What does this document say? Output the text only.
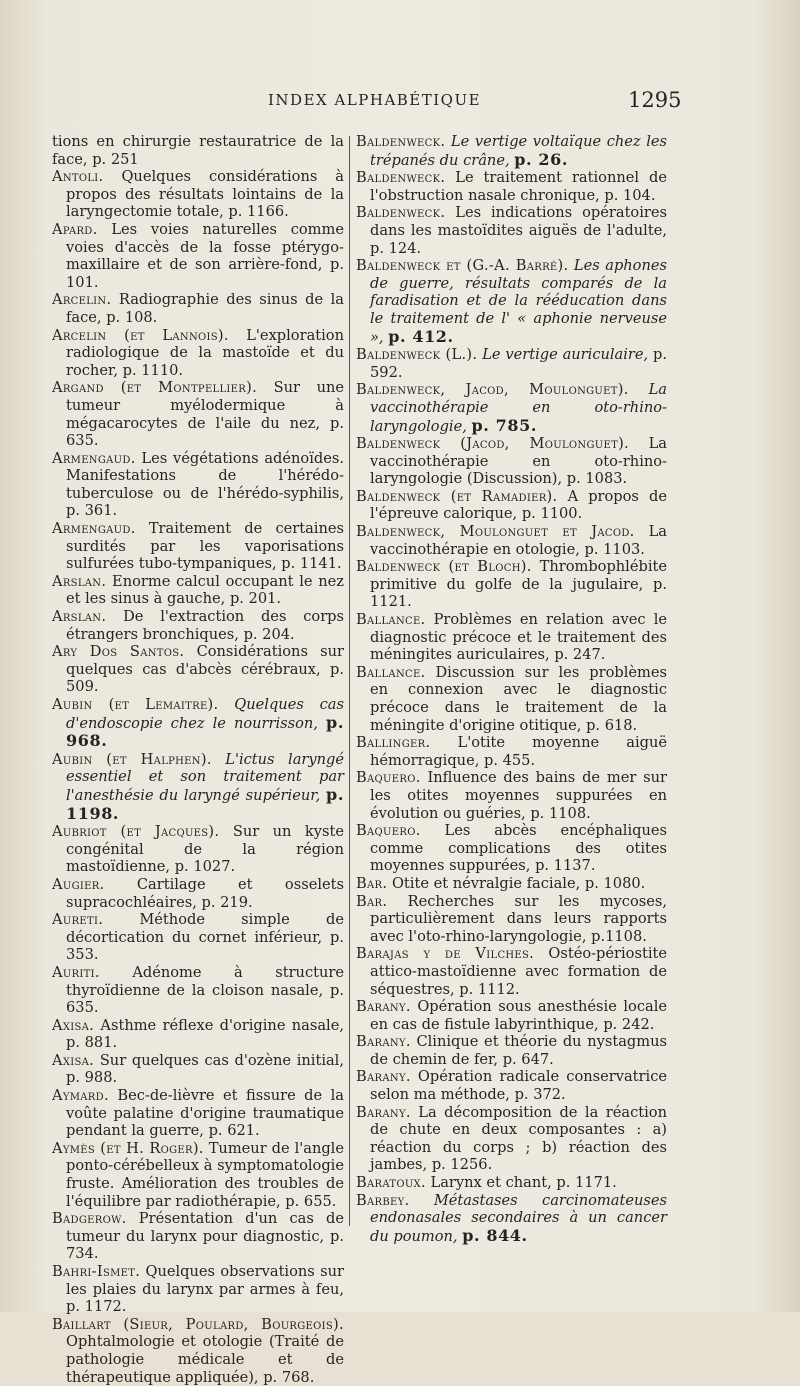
INDEX ALPHABÉTIQUE	1295
tions en chirurgie restauratrice de la face, p. 251
Antoli. Quelques considérations à propos des résultats lointains de la laryngectomie totale, p. 1166.
Apard. Les voies naturelles comme voies d'accès de la fosse ptérygo-maxillaire et de son arrière-fond, p. 101.
Arcelin. Radiographie des sinus de la face, p. 108.
Arcelin (et Lannois). L'exploration radiologique de la mastoïde et du rocher, p. 1110.
Argand (et Montpellier). Sur une tumeur myélodermique à mégacarocytes de l'aile du nez, p. 635.
Armengaud. Les végétations adénoïdes. Manifestations de l'hérédo-tuberculose ou de l'hérédo-syphilis, p. 361.
Armengaud. Traitement de certaines surdités par les vaporisations sulfurées tubo-tympaniques, p. 1141.
Arslan. Enorme calcul occupant le nez et les sinus à gauche, p. 201.
Arslan. De l'extraction des corps étrangers bronchiques, p. 204.
Ary Dos Santos. Considérations sur quelques cas d'abcès cérébraux, p. 509.
Aubin (et Lemaitre). Quelques cas d'endoscopie chez le nourrisson, p. 968.
Aubin (et Halphen). L'ictus laryngé essentiel et son traitement par l'anesthésie du laryngé supérieur, p. 1198.
Aubriot (et Jacques). Sur un kyste congénital de la région mastoïdienne, p. 1027.
Augier. Cartilage et osselets supracochléaires, p. 219.
Aureti. Méthode simple de décortication du cornet inférieur, p. 353.
Auriti. Adénome à structure thyroïdienne de la cloison nasale, p. 635.
Axisa. Asthme réflexe d'origine nasale, p. 881.
Axisa. Sur quelques cas d'ozène initial, p. 988.
Aymard. Bec-de-lièvre et fissure de la voûte palatine d'origine traumatique pendant la guerre, p. 621.
Aymès (et H. Roger). Tumeur de l'angle ponto-cérébelleux à symptomatologie fruste. Amélioration des troubles de l'équilibre par radiothérapie, p. 655.
Badgerow. Présentation d'un cas de tumeur du larynx pour diagnostic, p. 734.
Bahri-Ismet. Quelques observations sur les plaies du larynx par armes à feu, p. 1172.
Baillart (Sieur, Poulard, Bourgeois). Ophtalmologie et otologie (Traité de pathologie médicale et de thérapeutique appliquée), p. 768.
Baldenweck. Le vertige voltaïque chez les trépanés du crâne, p. 26.
Baldenweck. Le traitement rationnel de l'obstruction nasale chronique, p. 104.
Baldenweck. Les indications opératoires dans les mastoïdites aiguës de l'adulte, p. 124.
Baldenweck et (G.-A. Barré). Les aphones de guerre, résultats comparés de la faradisation et de la rééducation dans le traitement de l' « aphonie nerveuse », p. 412.
Baldenweck (L.). Le vertige auriculaire, p. 592.
Baldenweck, Jacod, Moulonguet). La vaccinothérapie en oto-rhino-laryngologie, p. 785.
Baldenweck (Jacod, Moulonguet). La vaccinothérapie en oto-rhino-laryngologie (Discussion), p. 1083.
Baldenweck (et Ramadier). A propos de l'épreuve calorique, p. 1100.
Baldenweck, Moulonguet et Jacod. La vaccinothérapie en otologie, p. 1103.
Baldenweck (et Bloch). Thrombophlébite primitive du golfe de la jugulaire, p. 1121.
Ballance. Problèmes en relation avec le diagnostic précoce et le traitement des méningites auriculaires, p. 247.
Ballance. Discussion sur les problèmes en connexion avec le diagnostic précoce dans le traitement de la méningite d'origine otitique, p. 618.
Ballinger. L'otite moyenne aiguë hémorragique, p. 455.
Baquero. Influence des bains de mer sur les otites moyennes suppurées en évolution ou guéries, p. 1108.
Baquero. Les abcès encéphaliques comme complications des otites moyennes suppurées, p. 1137.
Bar. Otite et névralgie faciale, p. 1080.
Bar. Recherches sur les mycoses, particulièrement dans leurs rapports avec l'oto-rhino-laryngologie, p.1108.
Barajas y de Vilches. Ostéo-périostite attico-mastoïdienne avec formation de séquestres, p. 1112.
Barany. Opération sous anesthésie locale en cas de fistule labyrinthique, p. 242.
Barany. Clinique et théorie du nystagmus de chemin de fer, p. 647.
Barany. Opération radicale conservatrice selon ma méthode, p. 372.
Barany. La décomposition de la réaction de chute en deux composantes : a) réaction du corps ; b) réaction des jambes, p. 1256.
Baratoux. Larynx et chant, p. 1171.
Barbey. Métastases carcinomateuses endonasales secondaires à un cancer du poumon, p. 844.
